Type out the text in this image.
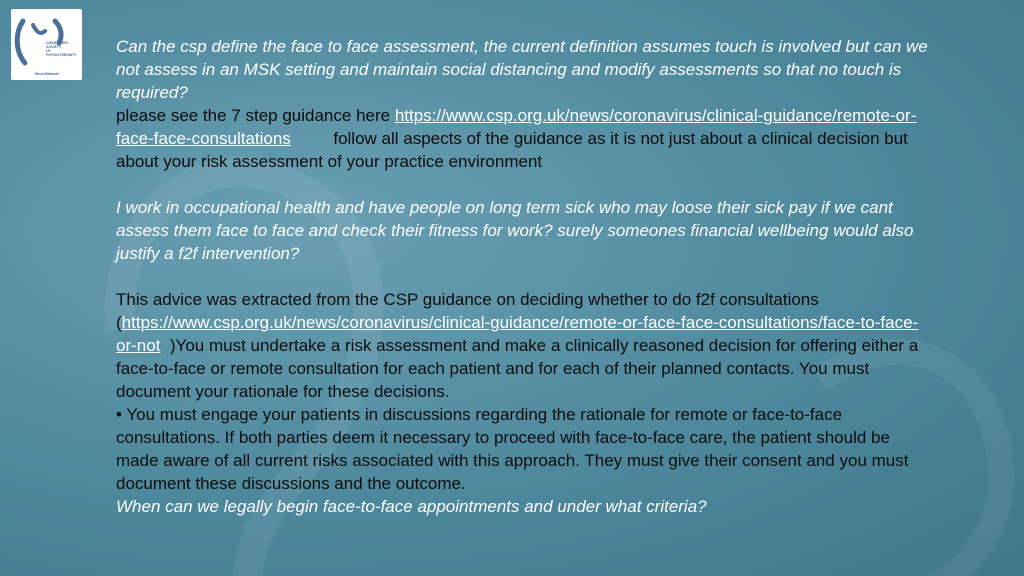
CHARTERED
SOCIETY
OF
PHYSIOTHERAPY
West Midlands

Can the csp define the face to face assessment, the current definition assumes touch is involved but can we not assess in an MSK setting and maintain social distancing and modify assessments so that no touch is required?

please see the 7 step guidance here https://www.csp.org.uk/news/coronavirus/clinical-guidance/remote-or-face-face-consultations	follow all aspects of the guidance as it is not just about a clinical decision but about your risk assessment of your practice environment

I work in occupational health and have people on long term sick who may loose their sick pay if we cant assess them face to face and check their fitness for work? surely someones financial wellbeing would also justify a f2f intervention?

This advice was extracted from the CSP guidance on deciding whether to do f2f consultations (https://www.csp.org.uk/news/coronavirus/clinical-guidance/remote-or-face-face-consultations/face-to-face-or-not )You must undertake a risk assessment and make a clinically reasoned decision for offering either a face-to-face or remote consultation for each patient and for each of their planned contacts. You must document your rationale for these decisions.

• You must engage your patients in discussions regarding the rationale for remote or face-to-face consultations. If both parties deem it necessary to proceed with face-to-face care, the patient should be made aware of all current risks associated with this approach. They must give their consent and you must document these discussions and the outcome.

When can we legally begin face-to-face appointments and under what criteria?
